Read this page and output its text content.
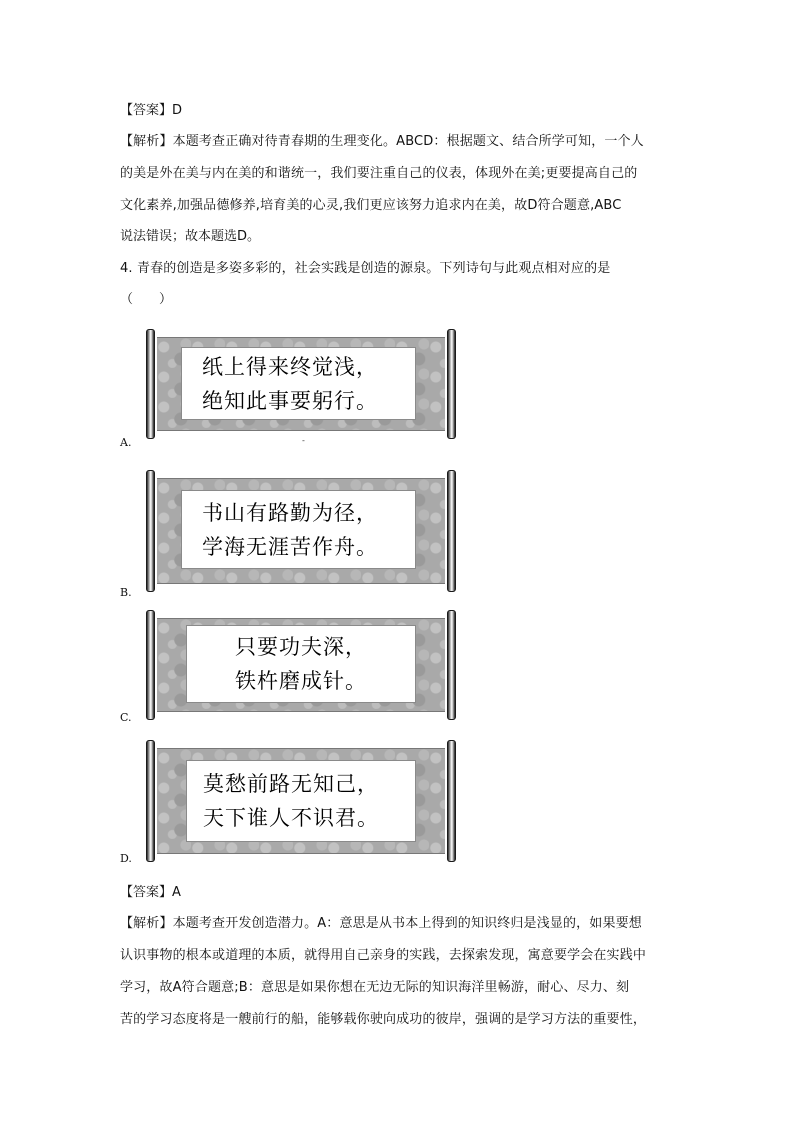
【答案】D
【解析】本题考查正确对待青春期的生理变化。ABCD：根据题文、结合所学可知，一个人
的美是外在美与内在美的和谐统一，我们要注重自己的仪表，体现外在美;更要提高自己的
文化素养,加强品德修养,培育美的心灵,我们更应该努力追求内在美，故D符合题意,ABC
说法错误；故本题选D。
4. 青春的创造是多姿多彩的，社会实践是创造的源泉。下列诗句与此观点相对应的是
（　　）
纸上得来终觉浅，
绝知此事要躬行。
A.	-
书山有路勤为径，
学海无涯苦作舟。
B.
只要功夫深，
铁杵磨成针。
C.
莫愁前路无知己，
天下谁人不识君。
D.
【答案】A
【解析】本题考查开发创造潜力。A：意思是从书本上得到的知识终归是浅显的，如果要想
认识事物的根本或道理的本质，就得用自己亲身的实践，去探索发现，寓意要学会在实践中
学习，故A符合题意;B：意思是如果你想在无边无际的知识海洋里畅游，耐心、尽力、刻
苦的学习态度将是一艘前行的船，能够载你驶向成功的彼岸，强调的是学习方法的重要性，
